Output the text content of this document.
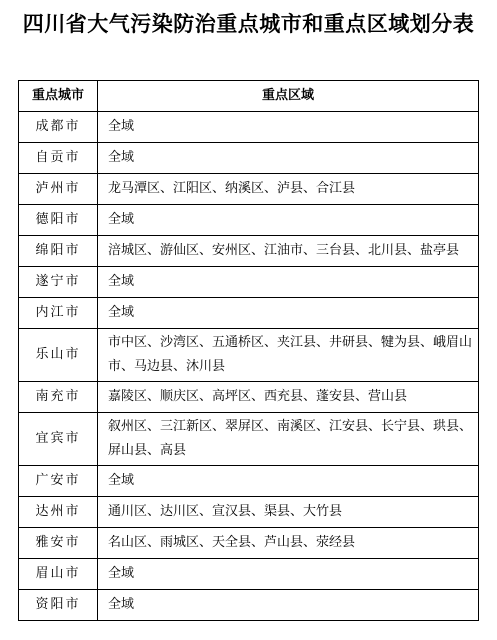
四川省大气污染防治重点城市和重点区域划分表
重点城市	重点区域
成都市	全域
自贡市	全域
泸州市	龙马潭区、江阳区、纳溪区、泸县、合江县
德阳市	全域
绵阳市	涪城区、游仙区、安州区、江油市、三台县、北川县、盐亭县
遂宁市	全域
内江市	全域
乐山市	市中区、沙湾区、五通桥区、夹江县、井研县、犍为县、峨眉山市、马边县、沐川县
南充市	嘉陵区、顺庆区、高坪区、西充县、蓬安县、营山县
宜宾市	叙州区、三江新区、翠屏区、南溪区、江安县、长宁县、珙县、屏山县、高县
广安市	全域
达州市	通川区、达川区、宣汉县、渠县、大竹县
雅安市	名山区、雨城区、天全县、芦山县、荥经县
眉山市	全域
资阳市	全域
